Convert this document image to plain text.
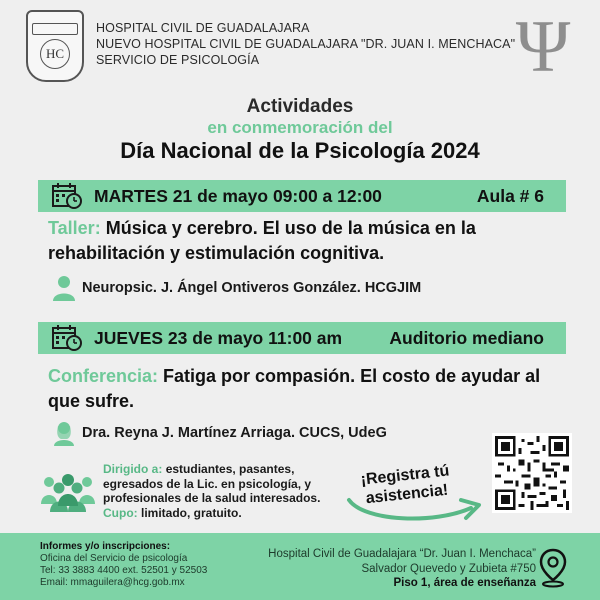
HC
HOSPITAL CIVIL DE GUADALAJARA
NUEVO HOSPITAL CIVIL DE GUADALAJARA "DR. JUAN I. MENCHACA"
SERVICIO DE PSICOLOGÍA	Ψ
Actividades
en conmemoración del
Día Nacional de la Psicología 2024
MARTES 21 de mayo 09:00 a 12:00	Aula # 6
Taller: Música y cerebro. El uso de la música en la rehabilitación y estimulación cognitiva.
Neuropsic. J. Ángel Ontiveros González. HCGJIM
JUEVES 23 de mayo 11:00 am	Auditorio mediano
Conferencia: Fatiga por compasión. El costo de ayudar al que sufre.
Dra. Reyna J. Martínez Arriaga. CUCS, UdeG
Dirigido a: estudiantes, pasantes, egresados de la Lic. en psicología, y profesionales de la salud interesados.
Cupo: limitado, gratuito.
¡Registra tú
asistencia!
Informes y/o inscripciones:
Oficina del Servicio de psicología
Tel: 33 3883 4400 ext. 52501 y 52503
Email: mmaguilera@hcg.gob.mx
Hospital Civil de Guadalajara “Dr. Juan I. Menchaca”
Salvador Quevedo y Zubieta #750
Piso 1, área de enseñanza
